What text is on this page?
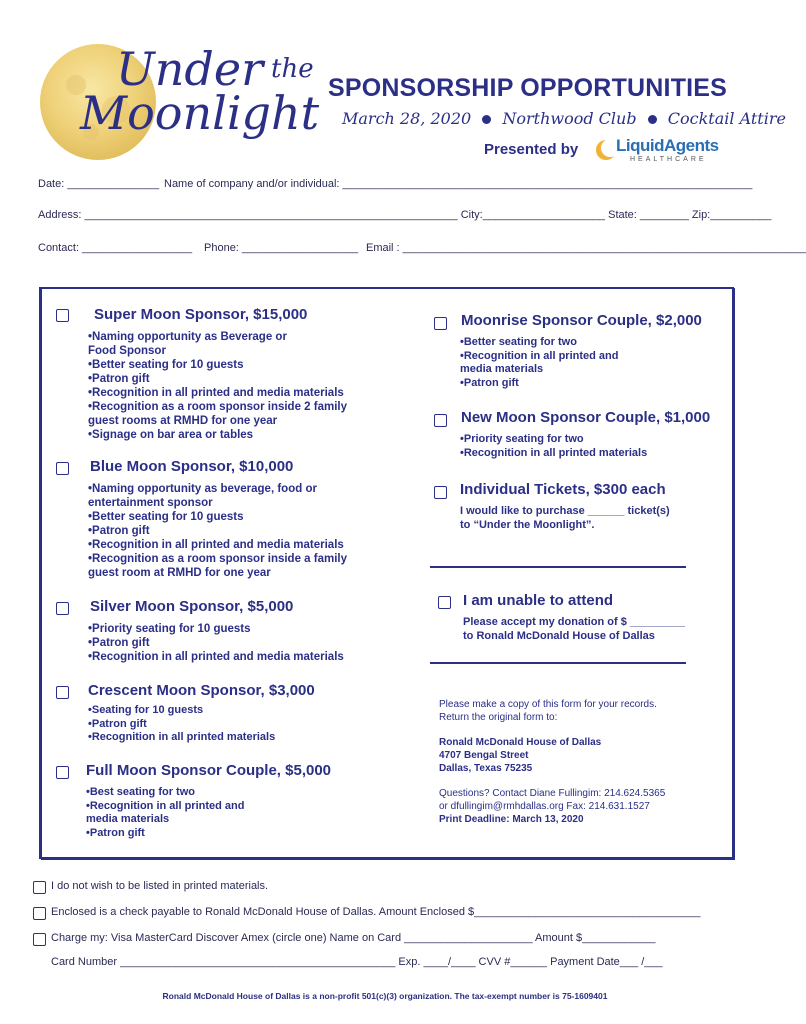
Under the
Moonlight SPONSORSHIP OPPORTUNITIES
March 28, 2020 Northwood Club Cocktail Attire
Presented by LiquidAgents
HEALTHCARE
Date: _______________ Name of company and/or individual: ___________________________________________________________________
Address: _____________________________________________________________ City:____________________ State: ________ Zip:__________
Contact: __________________ Phone: ___________________ Email : __________________________________________________________________
Super Moon Sponsor, $15,000
•Naming opportunity as Beverage or
Food Sponsor
•Better seating for 10 guests
•Patron gift
•Recognition in all printed and media materials
•Recognition as a room sponsor inside 2 family
guest rooms at RMHD for one year
•Signage on bar area or tables
Blue Moon Sponsor, $10,000
•Naming opportunity as beverage, food or
entertainment sponsor
•Better seating for 10 guests
•Patron gift
•Recognition in all printed and media materials
•Recognition as a room sponsor inside a family
guest room at RMHD for one year
Silver Moon Sponsor, $5,000
•Priority seating for 10 guests
•Patron gift
•Recognition in all printed and media materials
Crescent Moon Sponsor, $3,000
•Seating for 10 guests
•Patron gift
•Recognition in all printed materials
Full Moon Sponsor Couple, $5,000
•Best seating for two
•Recognition in all printed and
media materials
•Patron gift
Moonrise Sponsor Couple, $2,000
•Better seating for two
•Recognition in all printed and
media materials
•Patron gift
New Moon Sponsor Couple, $1,000
•Priority seating for two
•Recognition in all printed materials
Individual Tickets, $300 each
I would like to purchase ______ ticket(s)
to “Under the Moonlight”.
I am unable to attend
Please accept my donation of $ _________
to Ronald McDonald House of Dallas
Please make a copy of this form for your records.
Return the original form to:
Ronald McDonald House of Dallas
4707 Bengal Street
Dallas, Texas 75235
Questions? Contact Diane Fullingim: 214.624.5365
or dfullingim@rmhdallas.org Fax: 214.631.1527
Print Deadline: March 13, 2020
I do not wish to be listed in printed materials.
Enclosed is a check payable to Ronald McDonald House of Dallas. Amount Enclosed $_____________________________________
Charge my: Visa MasterCard Discover Amex (circle one) Name on Card _____________________ Amount $____________
Card Number _____________________________________________ Exp. ____/____ CVV #______ Payment Date___ /___
Ronald McDonald House of Dallas is a non-profit 501(c)(3) organization. The tax-exempt number is 75-1609401
